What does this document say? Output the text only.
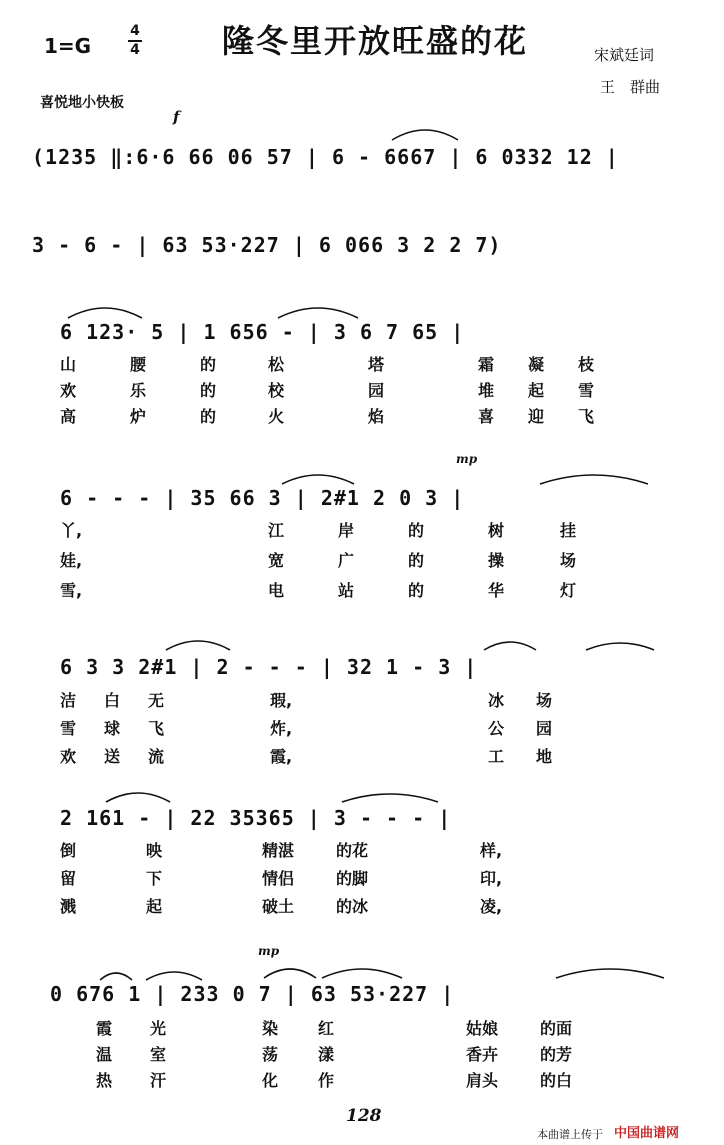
隆冬里开放旺盛的花
1=G
4
4	宋斌廷词
王　群曲
喜悦地小快板
f
mp
mp
(1235 ‖:6·6 66 06 57 | 6 - 6667 | 6 0332 12 |
3 - 6 - | 63 53·227 | 6 066 3 2 2 7)
6 123· 5 | 1 656 - | 3 6 7 65 |
山	腰	的	松	塔	霜 凝 枝
欢	乐	的	校	园	堆 起 雪
高	炉	的	火	焰	喜 迎 飞
6 - - - | 35 66 3 | 2#1 2 0 3 |
丫,	江	岸	的	树	挂
娃,	宽	广	的	操	场
雪,	电	站	的	华	灯
6 3 3 2#1 | 2 - - - | 32 1 - 3 |
洁 白 无	瑕,	冰 场
雪 球 飞	炸,	公 园
欢 送 流	霞,	工 地
2 161 - | 22 35365 | 3 - - - |
倒	映	精湛	的花	样,
留	下	情侣	的脚	印,
溅	起	破土	的冰	凌,
0 676 1 | 233 0 7 | 63 53·227 |
霞 光	染 红	姑娘	的面
温 室	荡 漾	香卉	的芳
热 汗	化 作	肩头	的白
128
本曲谱上传于 中国曲谱网
